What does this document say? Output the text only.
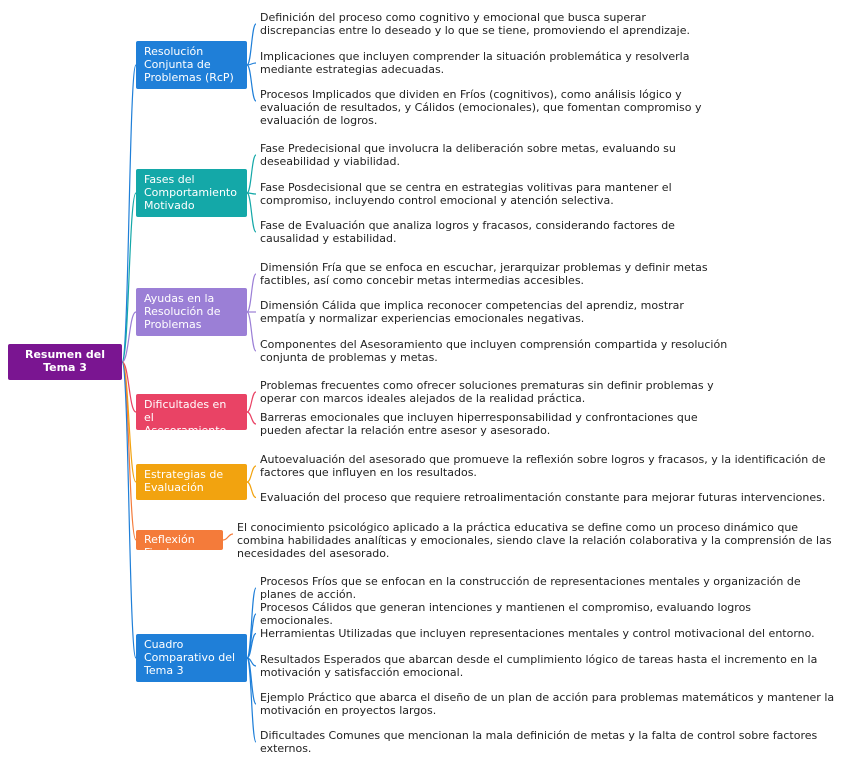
Resumen del Tema 3
Resolución Conjunta de Problemas (RcP)
Definición del proceso como cognitivo y emocional que busca superar discrepancias entre lo deseado y lo que se tiene, promoviendo el aprendizaje.
Implicaciones que incluyen comprender la situación problemática y resolverla mediante estrategias adecuadas.
Procesos Implicados que dividen en Fríos (cognitivos), como análisis lógico y evaluación de resultados, y Cálidos (emocionales), que fomentan compromiso y evaluación de logros.
Fases del Comportamiento Motivado
Fase Predecisional que involucra la deliberación sobre metas, evaluando su deseabilidad y viabilidad.
Fase Posdecisional que se centra en estrategias volitivas para mantener el compromiso, incluyendo control emocional y atención selectiva.
Fase de Evaluación que analiza logros y fracasos, considerando factores de causalidad y estabilidad.
Ayudas en la Resolución de Problemas
Dimensión Fría que se enfoca en escuchar, jerarquizar problemas y definir metas factibles, así como concebir metas intermedias accesibles.
Dimensión Cálida que implica reconocer competencias del aprendiz, mostrar empatía y normalizar experiencias emocionales negativas.
Componentes del Asesoramiento que incluyen comprensión compartida y resolución conjunta de problemas y metas.
Dificultades en el Asesoramiento
Problemas frecuentes como ofrecer soluciones prematuras sin definir problemas y operar con marcos ideales alejados de la realidad práctica.
Barreras emocionales que incluyen hiperresponsabilidad y confrontaciones que pueden afectar la relación entre asesor y asesorado.
Estrategias de Evaluación
Autoevaluación del asesorado que promueve la reflexión sobre logros y fracasos, y la identificación de factores que influyen en los resultados.
Evaluación del proceso que requiere retroalimentación constante para mejorar futuras intervenciones.
Reflexión Final
El conocimiento psicológico aplicado a la práctica educativa se define como un proceso dinámico que combina habilidades analíticas y emocionales, siendo clave la relación colaborativa y la comprensión de las necesidades del asesorado.
Cuadro Comparativo del Tema 3
Procesos Fríos que se enfocan en la construcción de representaciones mentales y organización de planes de acción.
Procesos Cálidos que generan intenciones y mantienen el compromiso, evaluando logros emocionales.
Herramientas Utilizadas que incluyen representaciones mentales y control motivacional del entorno.
Resultados Esperados que abarcan desde el cumplimiento lógico de tareas hasta el incremento en la motivación y satisfacción emocional.
Ejemplo Práctico que abarca el diseño de un plan de acción para problemas matemáticos y mantener la motivación en proyectos largos.
Dificultades Comunes que mencionan la mala definición de metas y la falta de control sobre factores externos.
